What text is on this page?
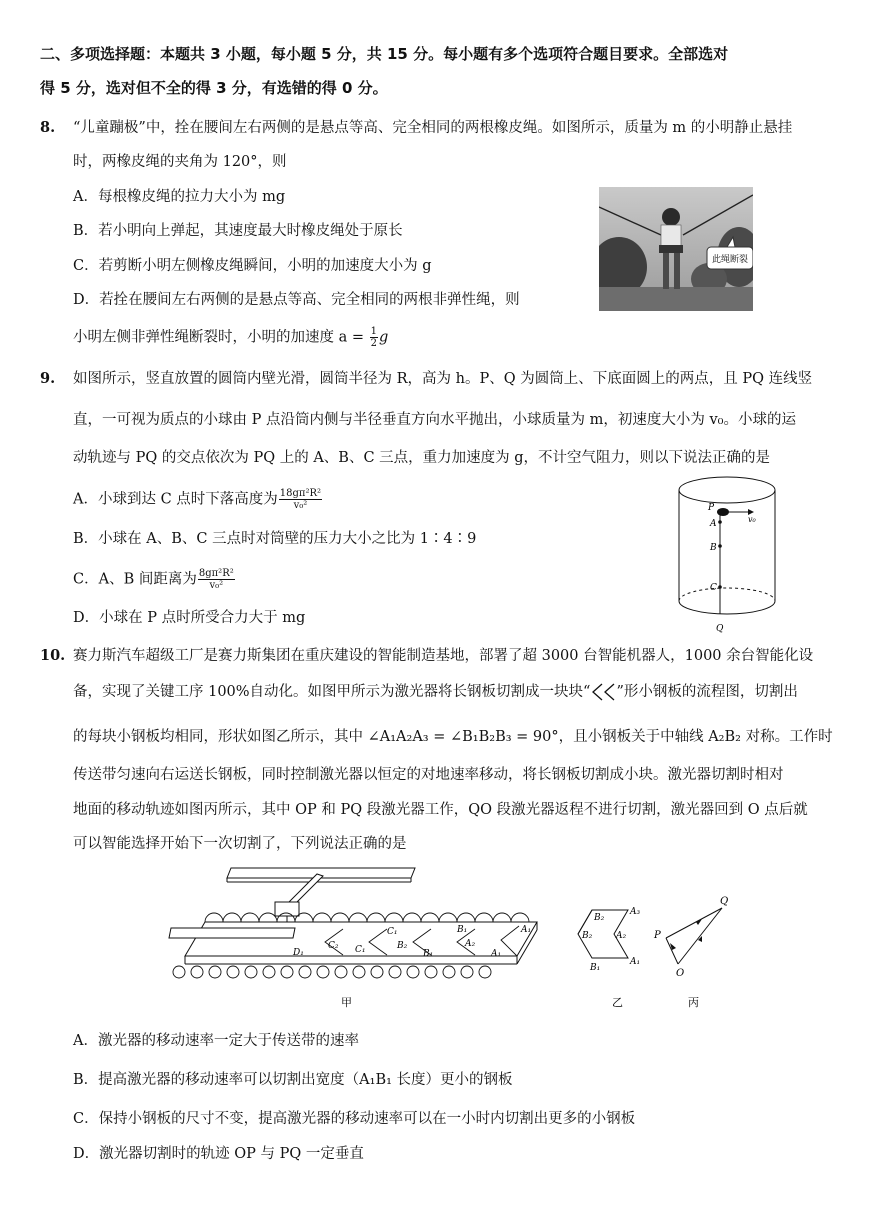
二、多项选择题：本题共 3 小题，每小题 5 分，共 15 分。每小题有多个选项符合题目要求。全部选对
得 5 分，选对但不全的得 3 分，有选错的得 0 分。
8. “儿童蹦极”中，拴在腰间左右两侧的是悬点等高、完全相同的两根橡皮绳。如图所示，质量为 m 的小明静止悬挂
时，两橡皮绳的夹角为 120°，则
A．每根橡皮绳的拉力大小为 mg
B．若小明向上弹起，其速度最大时橡皮绳处于原长
C．若剪断小明左侧橡皮绳瞬间，小明的加速度大小为 g
D．若拴在腰间左右两侧的是悬点等高、完全相同的两根非弹性绳，则
小明左侧非弹性绳断裂时，小明的加速度 $a = \frac{1}{2}$ g
此绳断裂
9. 如图所示，竖直放置的圆筒内壁光滑，圆筒半径为 R，高为 h。P、Q 为圆筒上、下底面圆上的两点，且 PQ 连线竖
直，一可视为质点的小球由 P 点沿筒内侧与半径垂直方向水平抛出，小球质量为 m，初速度大小为 v₀。小球的运
动轨迹与 PQ 的交点依次为 PQ 上的 A、B、C 三点，重力加速度为 g，不计空气阻力，则以下说法正确的是
A．小球到达 C 点时下落高度为 $\frac{\text{18gπ²R²}}{\text{v₀²}}$
B．小球在 A、B、C 三点时对筒壁的压力大小之比为 1∶4∶9
C．A、B 间距离为 $\frac{\text{8gπ²R²}}{\text{v₀²}}$
D．小球在 P 点时所受合力大于 mg
P
A
B
C
Q
v₀
10. 赛力斯汽车超级工厂是赛力斯集团在重庆建设的智能制造基地，部署了超 3000 台智能机器人，1000 余台智能化设
备，实现了关键工序 100%自动化。如图甲所示为激光器将长钢板切割成一块块“ ”形小钢板的流程图，切割出
的每块小钢板均相同，形状如图乙所示，其中 ∠A₁A₂A₃ = ∠B₁B₂B₃ = 90°，且小钢板关于中轴线 A₂B₂ 对称。工作时
传送带匀速向右运送长钢板，同时控制激光器以恒定的对地速率移动，将长钢板切割成小块。激光器切割时相对
地面的移动轨迹如图丙所示，其中 OP 和 PQ 段激光器工作，QO 段激光器返程不进行切割，激光器回到 O 点后就
可以智能选择开始下一次切割了，下列说法正确的是
D₁
C₂ C₁
C₁
B₂
B₁
B₁
A₂
A₁
A₁
甲
B₂
A₃
B₂	A₂
B₁
A₁
乙
Q
P
O
丙
A．激光器的移动速率一定大于传送带的速率
B．提高激光器的移动速率可以切割出宽度（A₁B₁ 长度）更小的钢板
C．保持小钢板的尺寸不变，提高激光器的移动速率可以在一小时内切割出更多的小钢板
D．激光器切割时的轨迹 OP 与 PQ 一定垂直
